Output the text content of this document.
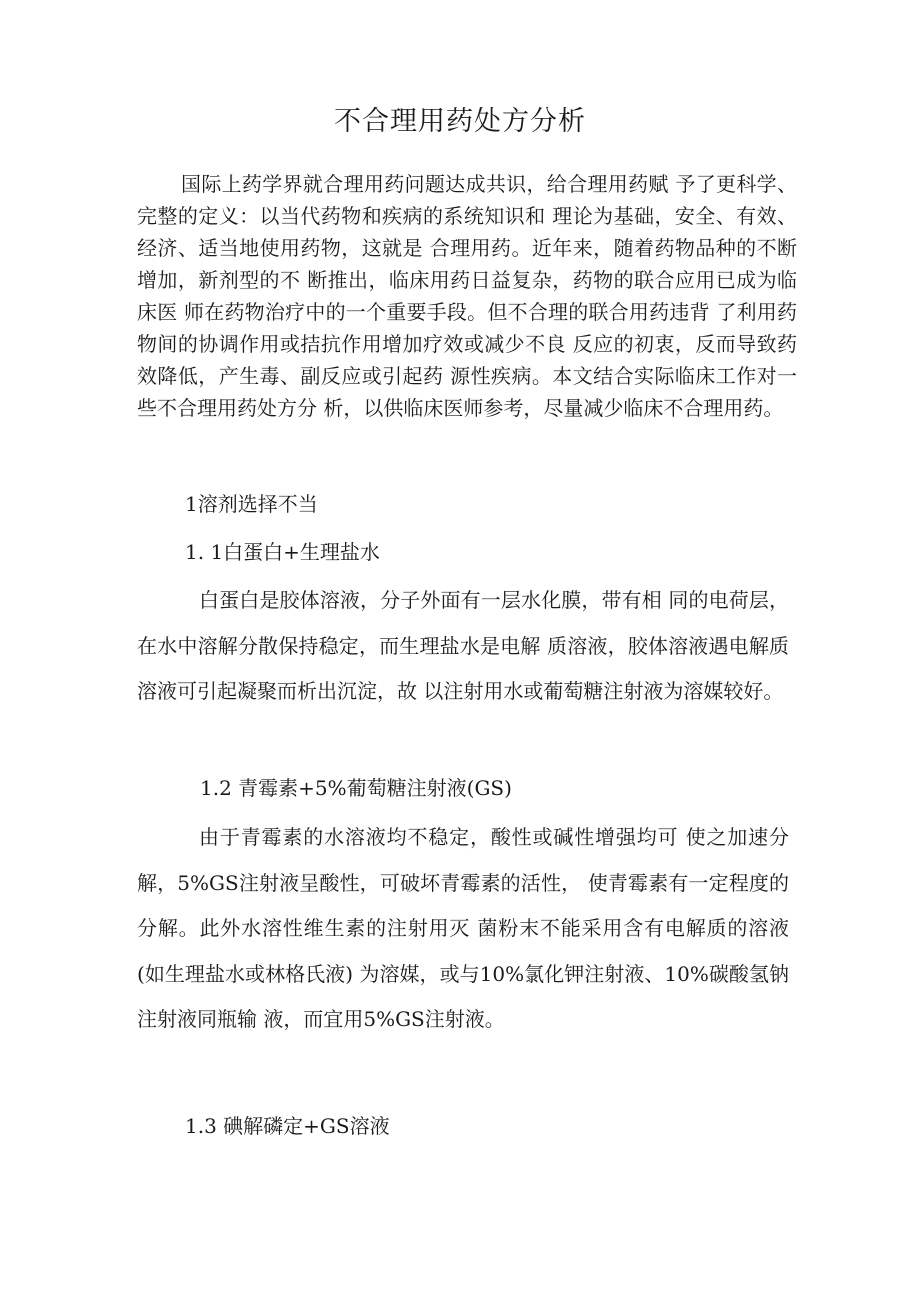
不合理用药处方分析

国际上药学界就合理用药问题达成共识，给合理用药赋 予了更科学、完整的定义：以当代药物和疾病的系统知识和 理论为基础，安全、有效、经济、适当地使用药物，这就是 合理用药。近年来，随着药物品种的不断增加，新剂型的不 断推出，临床用药日益复杂，药物的联合应用已成为临床医 师在药物治疗中的一个重要手段。但不合理的联合用药违背 了利用药物间的协调作用或拮抗作用增加疗效或减少不良 反应的初衷，反而导致药效降低，产生毒、副反应或引起药 源性疾病。本文结合实际临床工作对一些不合理用药处方分 析，以供临床医师参考，尽量减少临床不合理用药。

1溶剂选择不当

1. 1白蛋白+生理盐水

白蛋白是胶体溶液，分子外面有一层水化膜，带有相 同的电荷层，在水中溶解分散保持稳定，而生理盐水是电解 质溶液，胶体溶液遇电解质溶液可引起凝聚而析出沉淀，故 以注射用水或葡萄糖注射液为溶媒较好。

1.2 青霉素+5%葡萄糖注射液(GS)

由于青霉素的水溶液均不稳定，酸性或碱性增强均可 使之加速分解，5%GS注射液呈酸性，可破坏青霉素的活性， 使青霉素有一定程度的分解。此外水溶性维生素的注射用灭 菌粉末不能采用含有电解质的溶液(如生理盐水或林格氏液) 为溶媒，或与10%氯化钾注射液、10%碳酸氢钠注射液同瓶输 液，而宜用5%GS注射液。

1.3 碘解磷定+GS溶液
